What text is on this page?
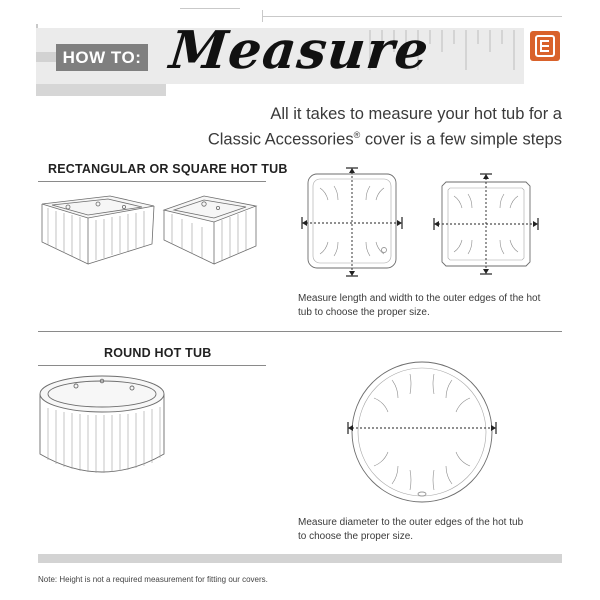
HOW TO: Measure
All it takes to measure your hot tub for a
Classic Accessories® cover is a few simple steps
RECTANGULAR OR SQUARE HOT TUB
Measure length and width to the outer edges of the hot
tub to choose the proper size.
ROUND HOT TUB
Measure diameter to the outer edges of the hot tub
to choose the proper size.
Note: Height is not a required measurement for fitting our covers.
